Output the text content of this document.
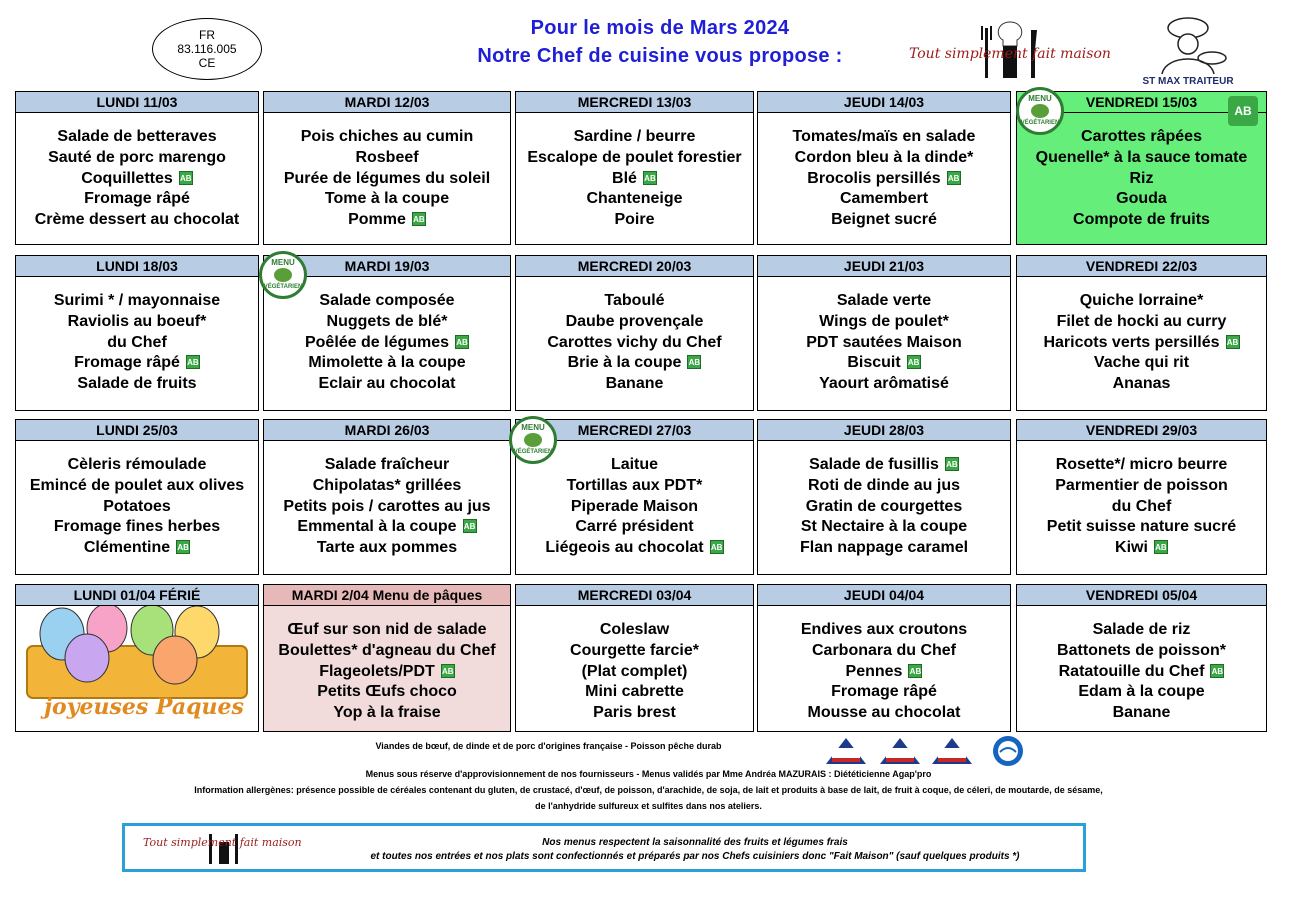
FR
83.116.005
CE
Pour le mois de Mars 2024
Notre Chef de cuisine vous propose :	Tout simplement fait maison
ST MAX TRAITEUR
LUNDI 11/03
Salade de betteraves
Sauté de porc marengo
Coquillettes AB
Fromage râpé
Crème dessert au chocolat
MARDI 12/03
Pois chiches au cumin
Rosbeef
Purée de légumes du soleil
Tome à la coupe
Pomme AB
MERCREDI 13/03
Sardine / beurre
Escalope de poulet forestier
Blé AB
Chanteneige
Poire
JEUDI 14/03
Tomates/maïs en salade
Cordon bleu à la dinde*
Brocolis persillés AB
Camembert
Beignet sucré
VENDREDI 15/03
Carottes râpées
Quenelle* à la sauce tomate
Riz
Gouda
Compote de fruits
LUNDI 18/03
Surimi * / mayonnaise
Raviolis au boeuf*
du Chef
Fromage râpé AB
Salade de fruits
MARDI 19/03
Salade composée
Nuggets de blé*
Poêlée de légumes AB
Mimolette à la coupe
Eclair au chocolat
MERCREDI 20/03
Taboulé
Daube provençale
Carottes vichy du Chef
Brie à la coupe AB
Banane
JEUDI 21/03
Salade verte
Wings de poulet*
PDT sautées Maison
Biscuit AB
Yaourt arômatisé
VENDREDI 22/03
Quiche lorraine*
Filet de hocki au curry
Haricots verts persillés AB
Vache qui rit
Ananas
LUNDI 25/03
Cèleris rémoulade
Emincé de poulet aux olives
Potatoes
Fromage fines herbes
Clémentine AB
MARDI 26/03
Salade fraîcheur
Chipolatas* grillées
Petits pois / carottes au jus
Emmental à la coupe AB
Tarte aux pommes
MERCREDI 27/03
Laitue
Tortillas aux PDT*
Piperade Maison
Carré président
Liégeois au chocolat AB
JEUDI 28/03
Salade de fusillis AB
Roti de dinde au jus
Gratin de courgettes
St Nectaire à la coupe
Flan nappage caramel
VENDREDI 29/03
Rosette*/ micro beurre
Parmentier de poisson
du Chef
Petit suisse nature sucré
Kiwi AB
LUNDI 01/04 FÉRIÉ
joyeuses Paques
MARDI 2/04 Menu de pâques
Œuf sur son nid de salade
Boulettes* d'agneau du Chef
Flageolets/PDT AB
Petits Œufs choco
Yop à la fraise
MERCREDI 03/04
Coleslaw
Courgette farcie*
(Plat complet)
Mini cabrette
Paris brest
JEUDI 04/04
Endives aux croutons
Carbonara du Chef
Pennes AB
Fromage râpé
Mousse au chocolat
VENDREDI 05/04
Salade de riz
Battonets de poisson*
Ratatouille du Chef AB
Edam à la coupe
Banane
AB
MENU
VÉGÉTARIEN
MENU
VÉGÉTARIEN
MENU
VÉGÉTARIEN
Viandes de bœuf, de dinde et de porc d'origines française - Poisson pêche durab
Menus sous réserve d'approvisionnement de nos fournisseurs - Menus validés par Mme Andréa MAZURAIS : Diététicienne Agap'pro
Information allergènes: présence possible de céréales contenant du gluten, de crustacé, d'œuf, de poisson, d'arachide, de soja, de lait et produits à base de lait, de fruit à coque, de céleri, de moutarde, de sésame,
de l'anhydride sulfureux et sulfites dans nos ateliers.
Tout simplement fait maison	Nos menus respectent la saisonnalité des fruits et légumes frais
et toutes nos entrées et nos plats sont confectionnés et préparés par nos Chefs cuisiniers donc "Fait Maison" (sauf quelques produits *)
